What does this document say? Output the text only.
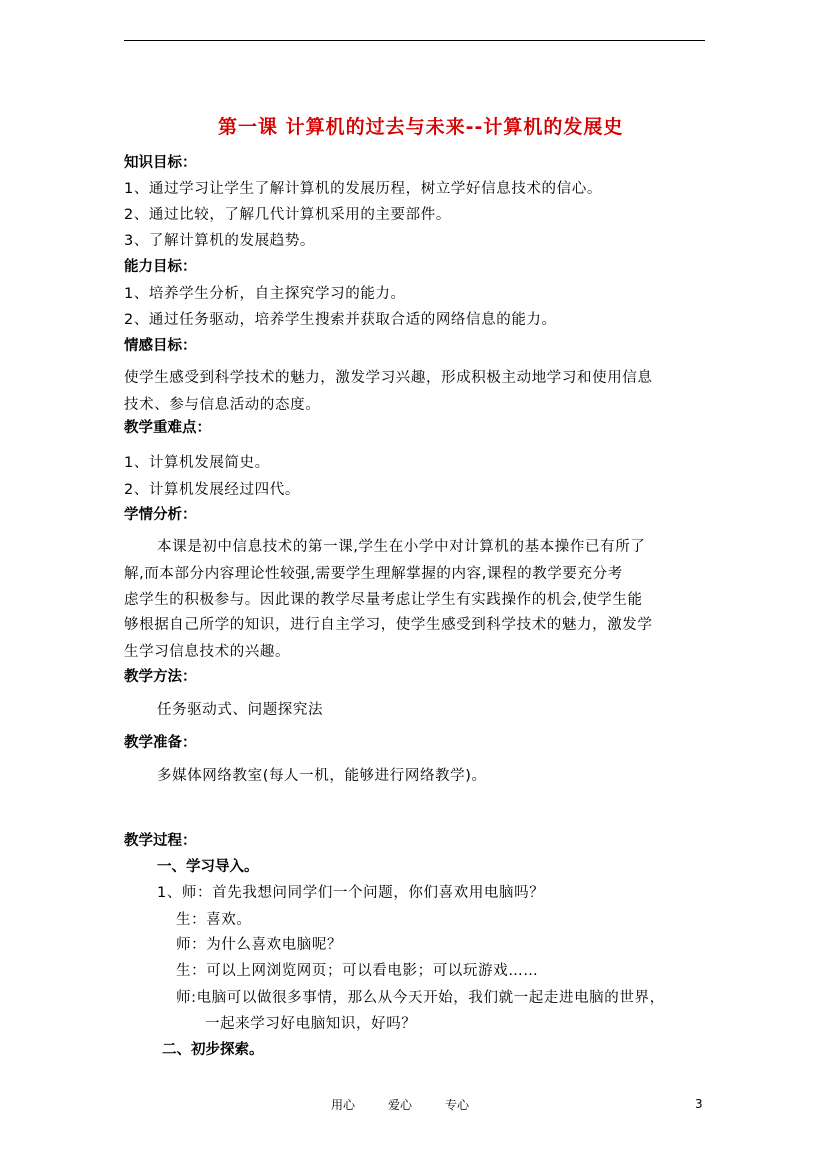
第一课 计算机的过去与未来--计算机的发展史
知识目标：
1、通过学习让学生了解计算机的发展历程，树立学好信息技术的信心。
2、通过比较，了解几代计算机采用的主要部件。
3、了解计算机的发展趋势。
能力目标：
1、培养学生分析，自主探究学习的能力。
2、通过任务驱动，培养学生搜索并获取合适的网络信息的能力。
情感目标：
使学生感受到科学技术的魅力，激发学习兴趣，形成积极主动地学习和使用信息
技术、参与信息活动的态度。
教学重难点：
1、计算机发展简史。
2、计算机发展经过四代。
学情分析：
本课是初中信息技术的第一课,学生在小学中对计算机的基本操作已有所了
解,而本部分内容理论性较强,需要学生理解掌握的内容,课程的教学要充分考
虑学生的积极参与。因此课的教学尽量考虑让学生有实践操作的机会,使学生能
够根据自己所学的知识，进行自主学习，使学生感受到科学技术的魅力，激发学
生学习信息技术的兴趣。
教学方法：
任务驱动式、问题探究法
教学准备：
多媒体网络教室(每人一机，能够进行网络教学)。
教学过程：
一、学习导入。
1、师：首先我想问同学们一个问题，你们喜欢用电脑吗？
生：喜欢。
师：为什么喜欢电脑呢？
生：可以上网浏览网页；可以看电影；可以玩游戏……
师:电脑可以做很多事情，那么从今天开始，我们就一起走进电脑的世界，
一起来学习好电脑知识，好吗？
二、初步探索。
用心	爱心	专心	3
